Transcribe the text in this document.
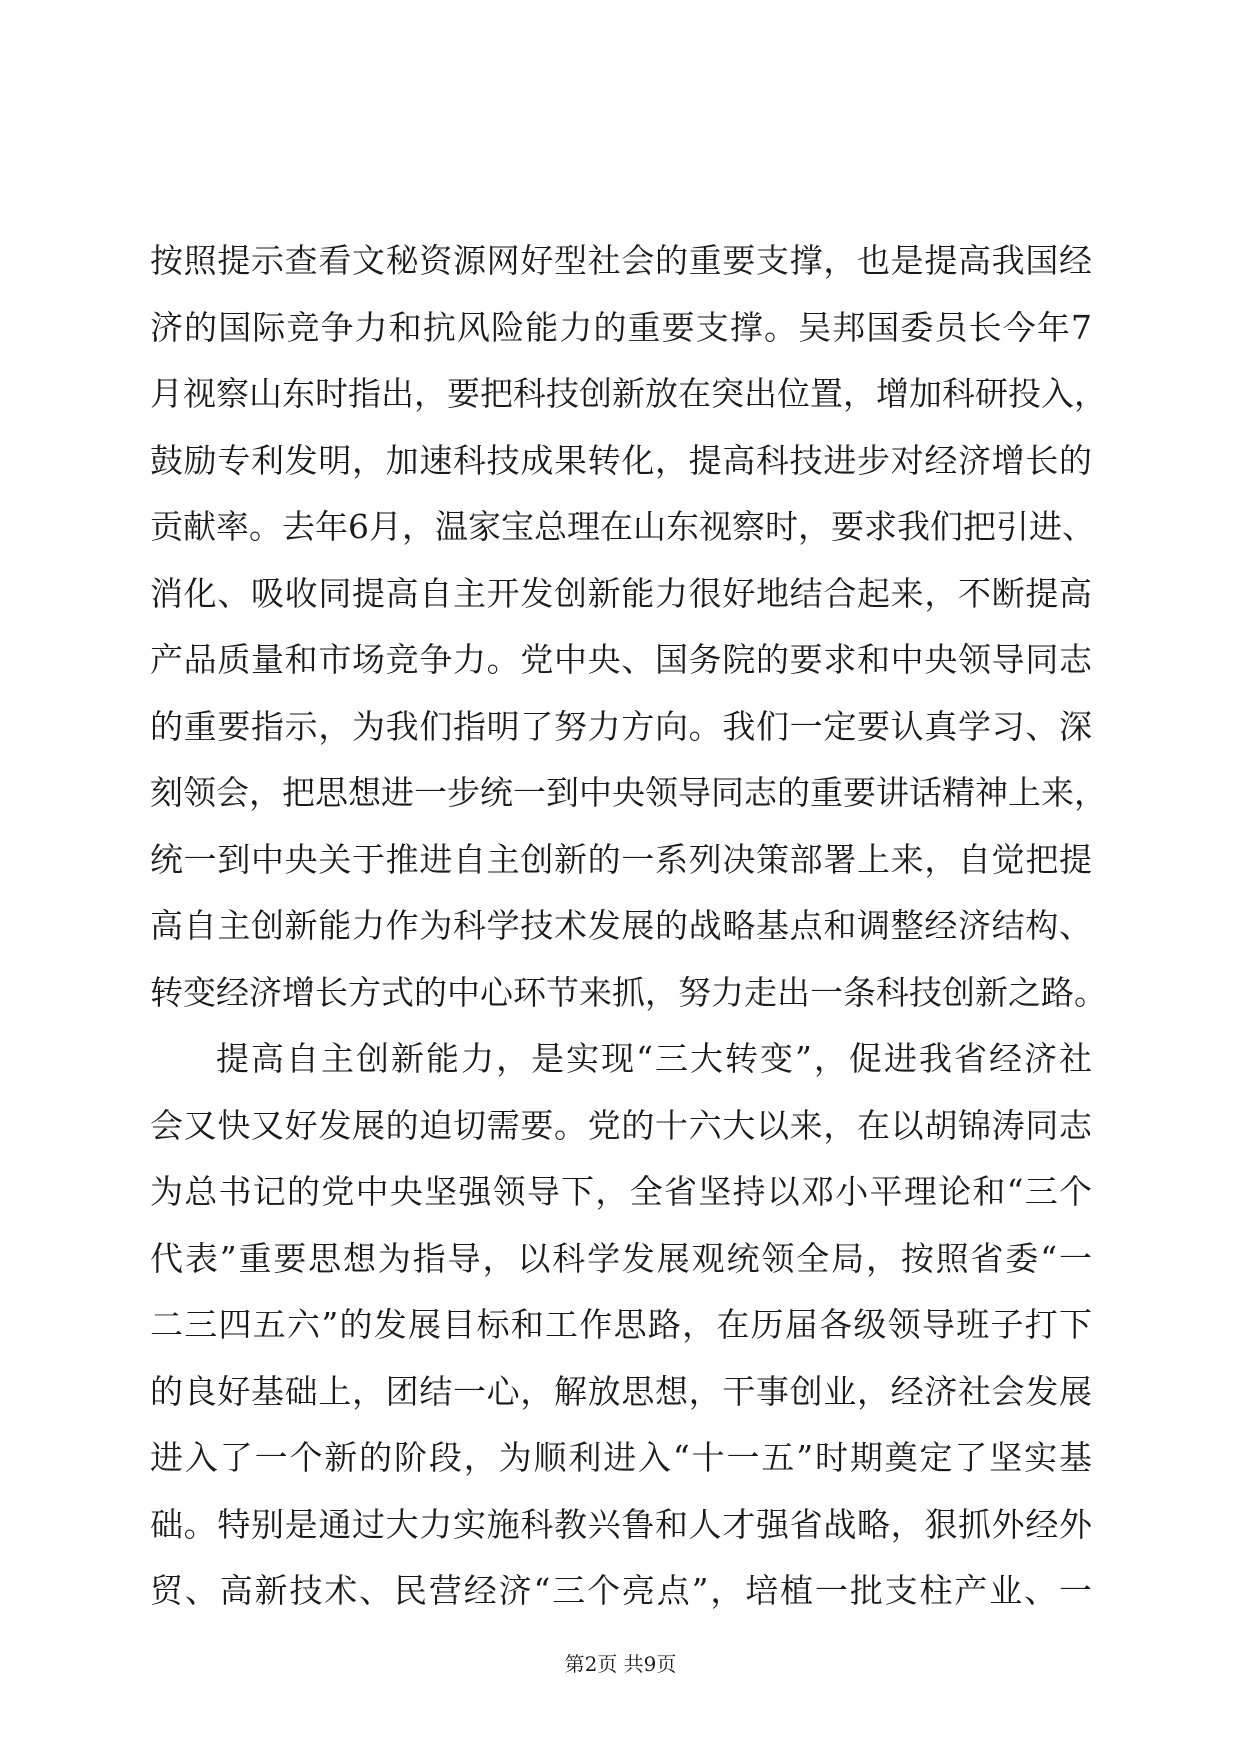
按照提示查看文秘资源网好型社会的重要支撑，也是提高我国经
济的国际竞争力和抗风险能力的重要支撑。吴邦国委员长今年7
月视察山东时指出，要把科技创新放在突出位置，增加科研投入，
鼓励专利发明，加速科技成果转化，提高科技进步对经济增长的
贡献率。去年6月，温家宝总理在山东视察时，要求我们把引进、
消化、吸收同提高自主开发创新能力很好地结合起来，不断提高
产品质量和市场竞争力。党中央、国务院的要求和中央领导同志
的重要指示，为我们指明了努力方向。我们一定要认真学习、深
刻领会，把思想进一步统一到中央领导同志的重要讲话精神上来，
统一到中央关于推进自主创新的一系列决策部署上来，自觉把提
高自主创新能力作为科学技术发展的战略基点和调整经济结构、
转变经济增长方式的中心环节来抓，努力走出一条科技创新之路。
提高自主创新能力，是实现“三大转变”，促进我省经济社
会又快又好发展的迫切需要。党的十六大以来，在以胡锦涛同志
为总书记的党中央坚强领导下，全省坚持以邓小平理论和“三个
代表”重要思想为指导，以科学发展观统领全局，按照省委“一
二三四五六”的发展目标和工作思路，在历届各级领导班子打下
的良好基础上，团结一心，解放思想，干事创业，经济社会发展
进入了一个新的阶段，为顺利进入“十一五”时期奠定了坚实基
础。特别是通过大力实施科教兴鲁和人才强省战略，狠抓外经外
贸、高新技术、民营经济“三个亮点”，培植一批支柱产业、一
第2页 共9页
